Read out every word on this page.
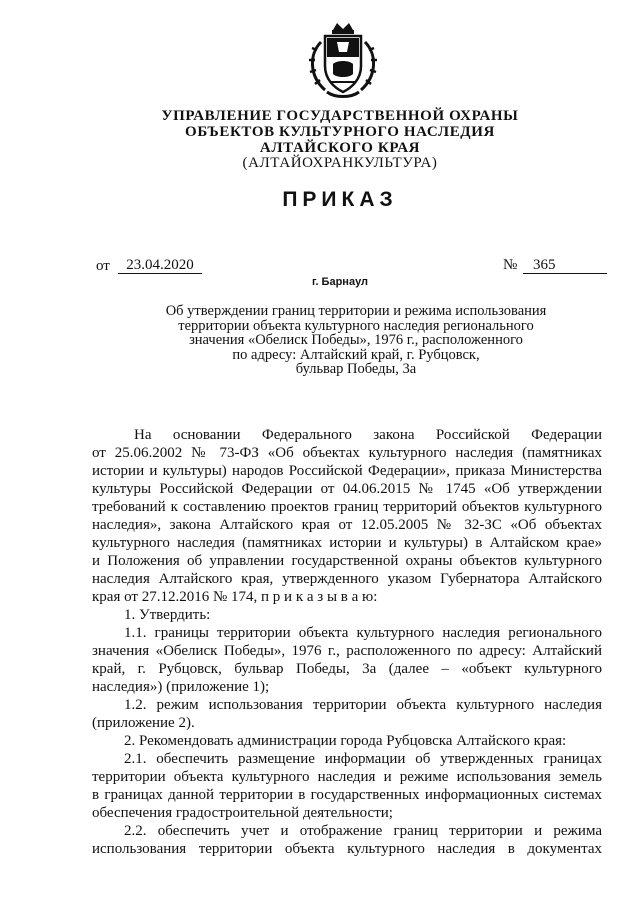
УПРАВЛЕНИЕ ГОСУДАРСТВЕННОЙ ОХРАНЫ
ОБЪЕКТОВ КУЛЬТУРНОГО НАСЛЕДИЯ
АЛТАЙСКОГО КРАЯ
(АЛТАЙОХРАНКУЛЬТУРА)
ПРИКАЗ
от	23.04.2020	№	365
г. Барнаул
Об утверждении границ территории и режима использования
территории объекта культурного наследия регионального
значения «Обелиск Победы», 1976 г., расположенного
по адресу: Алтайский край, г. Рубцовск,
бульвар Победы, 3а
На основании Федерального закона Российской Федерации
от 25.06.2002 № 73-ФЗ «Об объектах культурного наследия (памятниках
истории и культуры) народов Российской Федерации», приказа Министерства
культуры Российской Федерации от 04.06.2015 № 1745 «Об утверждении
требований к составлению проектов границ территорий объектов культурного
наследия», закона Алтайского края от 12.05.2005 № 32-ЗС «Об объектах
культурного наследия (памятниках истории и культуры) в Алтайском крае»
и Положения об управлении государственной охраны объектов культурного
наследия Алтайского края, утвержденного указом Губернатора Алтайского
края от 27.12.2016 № 174, п р и к а з ы в а ю:
1. Утвердить:
1.1. границы территории объекта культурного наследия регионального
значения «Обелиск Победы», 1976 г., расположенного по адресу: Алтайский
край, г. Рубцовск, бульвар Победы, 3а (далее – «объект культурного
наследия») (приложение 1);
1.2. режим использования территории объекта культурного наследия
(приложение 2).
2. Рекомендовать администрации города Рубцовска Алтайского края:
2.1. обеспечить размещение информации об утвержденных границах
территории объекта культурного наследия и режиме использования земель
в границах данной территории в государственных информационных системах
обеспечения градостроительной деятельности;
2.2. обеспечить учет и отображение границ территории и режима
использования территории объекта культурного наследия в документах
